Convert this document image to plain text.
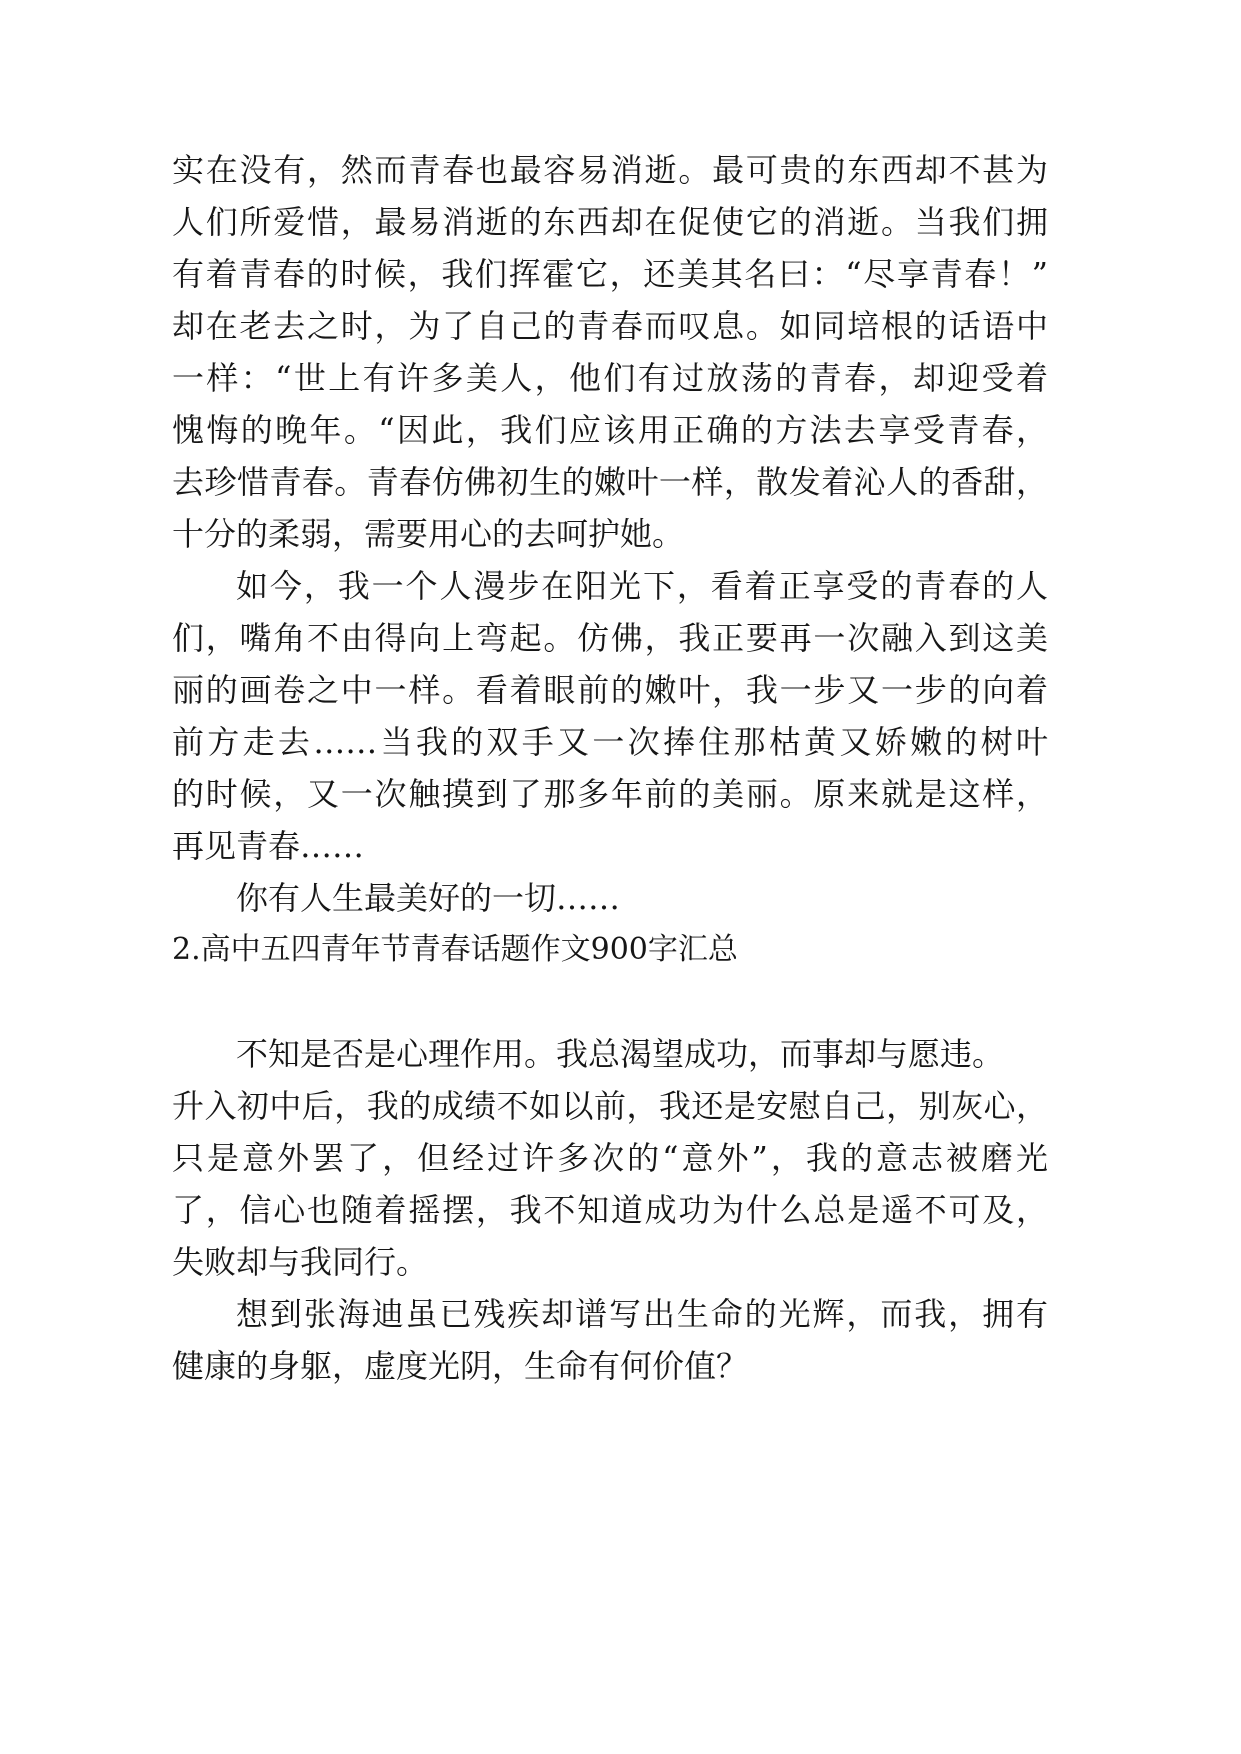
实在没有，然而青春也最容易消逝。最可贵的东西却不甚为
人们所爱惜，最易消逝的东西却在促使它的消逝。当我们拥
有着青春的时候，我们挥霍它，还美其名曰：“尽享青春！”
却在老去之时，为了自己的青春而叹息。如同培根的话语中
一样：“世上有许多美人，他们有过放荡的青春，却迎受着
愧悔的晚年。“因此，我们应该用正确的方法去享受青春，
去珍惜青春。青春仿佛初生的嫩叶一样，散发着沁人的香甜，
十分的柔弱，需要用心的去呵护她。
如今，我一个人漫步在阳光下，看着正享受的青春的人
们，嘴角不由得向上弯起。仿佛，我正要再一次融入到这美
丽的画卷之中一样。看着眼前的嫩叶，我一步又一步的向着
前方走去……当我的双手又一次捧住那枯黄又娇嫩的树叶
的时候，又一次触摸到了那多年前的美丽。原来就是这样，
再见青春……
你有人生最美好的一切……
2.高中五四青年节青春话题作文900字汇总
不知是否是心理作用。我总渴望成功，而事却与愿违。
升入初中后，我的成绩不如以前，我还是安慰自己，别灰心，
只是意外罢了，但经过许多次的“意外”，我的意志被磨光
了，信心也随着摇摆，我不知道成功为什么总是遥不可及，
失败却与我同行。
想到张海迪虽已残疾却谱写出生命的光辉，而我，拥有
健康的身躯，虚度光阴，生命有何价值？
